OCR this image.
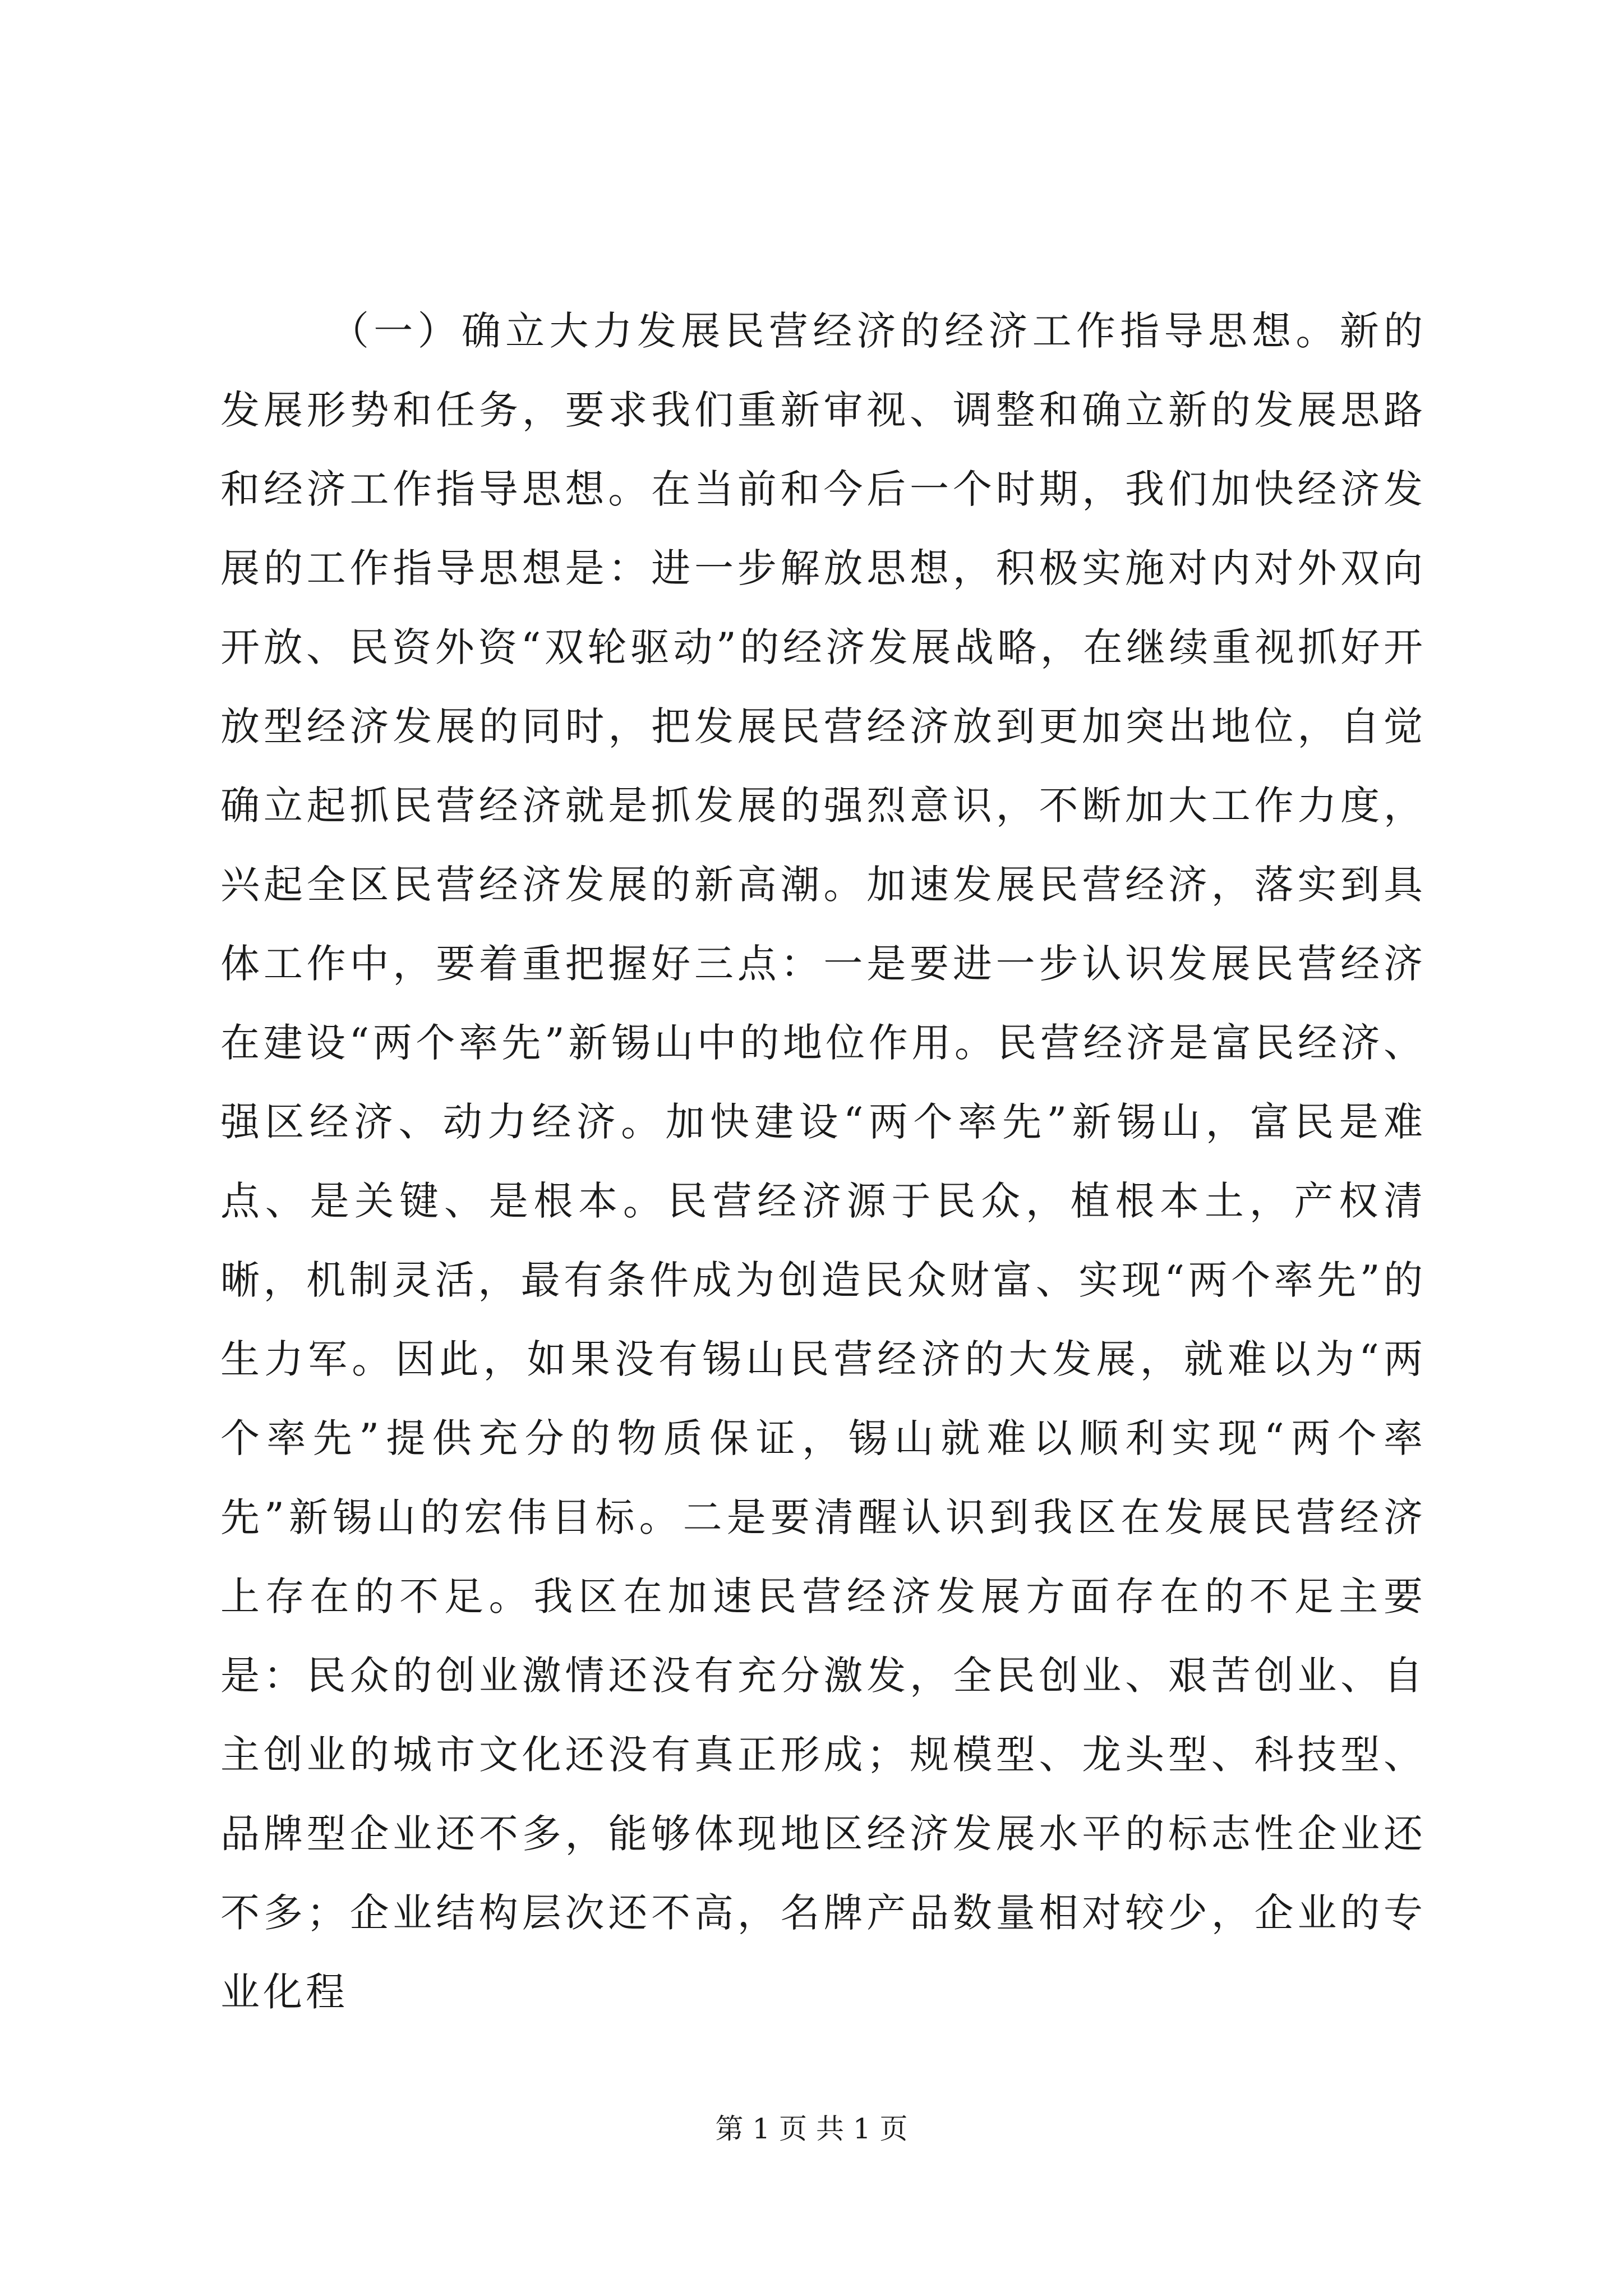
（一）确立大力发展民营经济的经济工作指导思想。新的发展形势和任务，要求我们重新审视、调整和确立新的发展思路和经济工作指导思想。在当前和今后一个时期，我们加快经济发展的工作指导思想是：进一步解放思想，积极实施对内对外双向开放、民资外资“双轮驱动”的经济发展战略，在继续重视抓好开放型经济发展的同时，把发展民营经济放到更加突出地位，自觉确立起抓民营经济就是抓发展的强烈意识，不断加大工作力度，兴起全区民营经济发展的新高潮。加速发展民营经济，落实到具体工作中，要着重把握好三点：一是要进一步认识发展民营经济在建设“两个率先”新锡山中的地位作用。民营经济是富民经济、强区经济、动力经济。加快建设“两个率先”新锡山，富民是难点、是关键、是根本。民营经济源于民众，植根本土，产权清晰，机制灵活，最有条件成为创造民众财富、实现“两个率先”的生力军。因此，如果没有锡山民营经济的大发展，就难以为“两个率先”提供充分的物质保证，锡山就难以顺利实现“两个率先”新锡山的宏伟目标。二是要清醒认识到我区在发展民营经济上存在的不足。我区在加速民营经济发展方面存在的不足主要是：民众的创业激情还没有充分激发，全民创业、艰苦创业、自主创业的城市文化还没有真正形成；规模型、龙头型、科技型、品牌型企业还不多，能够体现地区经济发展水平的标志性企业还不多；企业结构层次还不高，名牌产品数量相对较少，企业的专业化程

第 1 页 共 1 页
